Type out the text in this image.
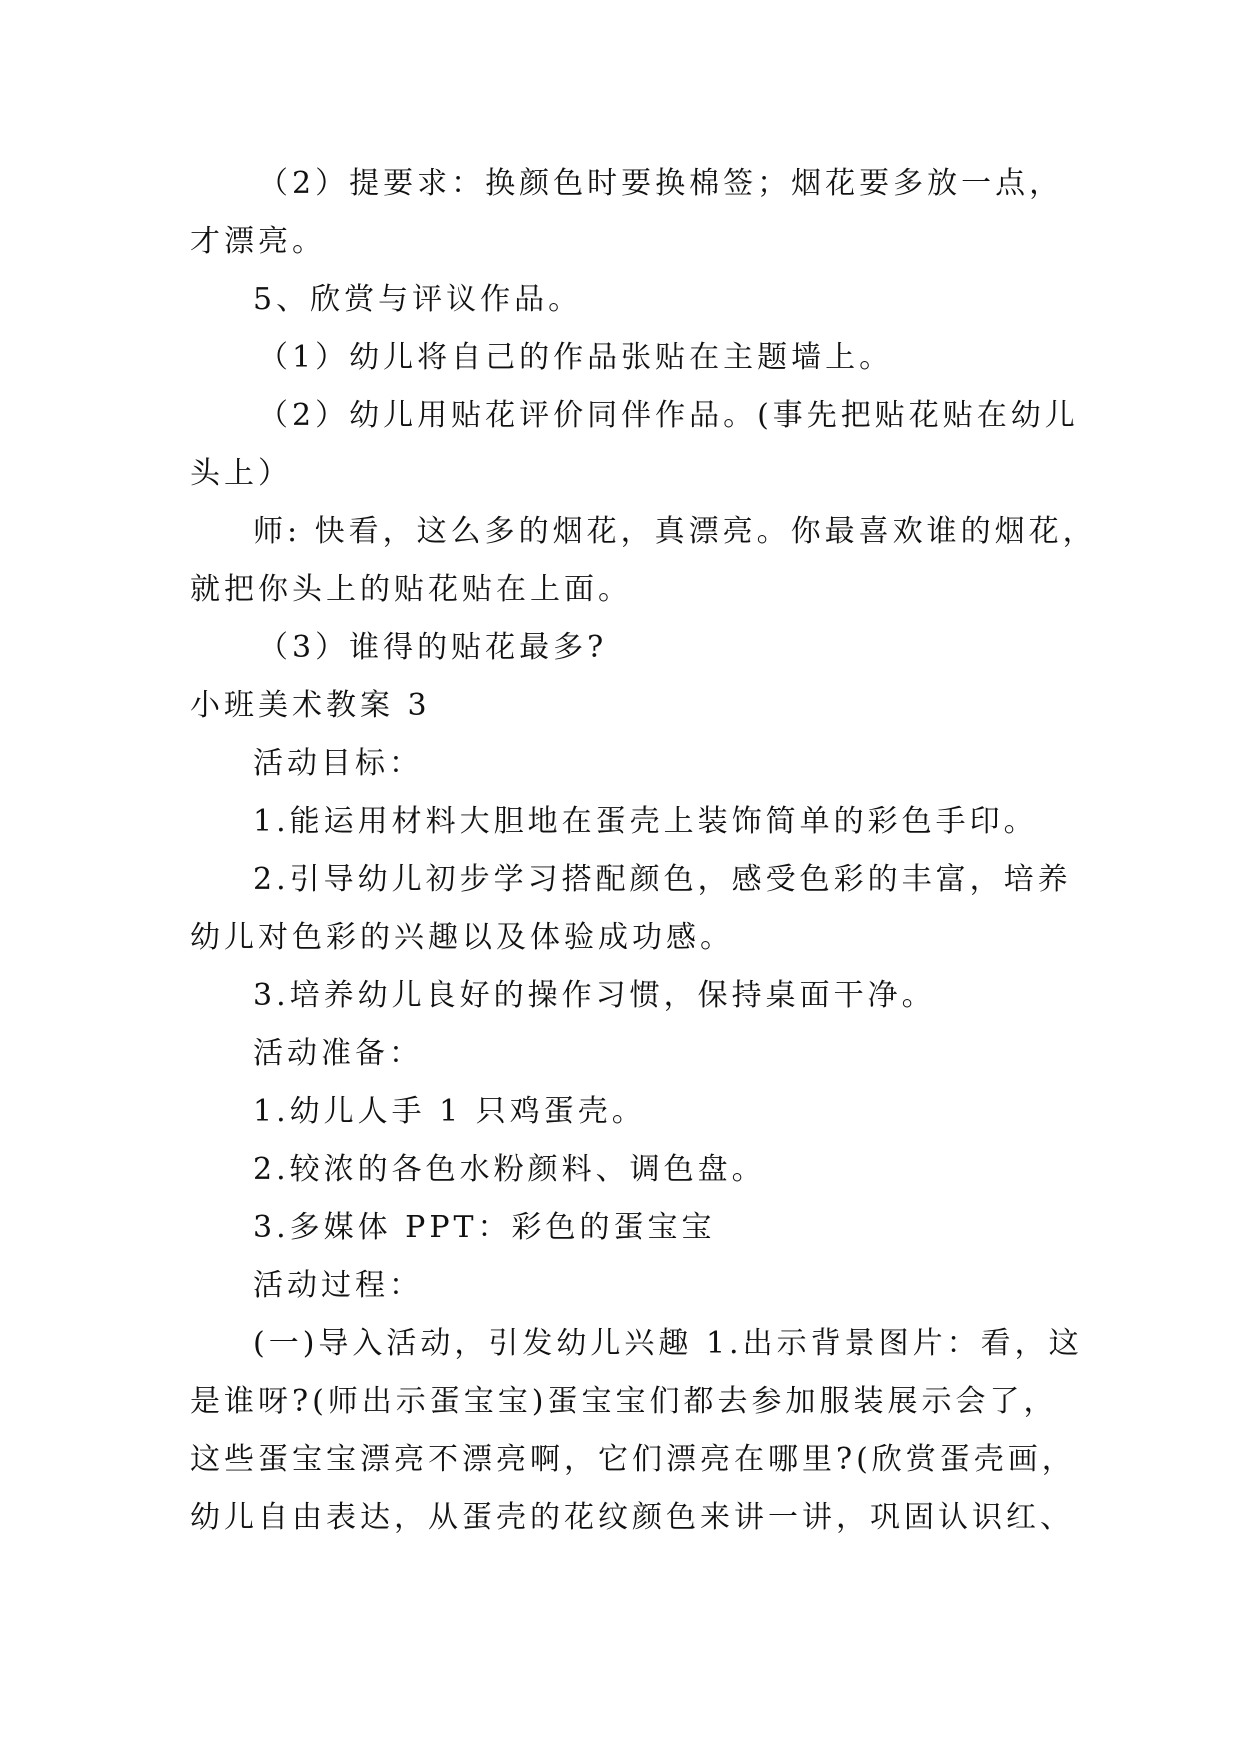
（2）提要求：换颜色时要换棉签；烟花要多放一点，
才漂亮。
5、欣赏与评议作品。
（1）幼儿将自己的作品张贴在主题墙上。
（2）幼儿用贴花评价同伴作品。(事先把贴花贴在幼儿
头上）
师: 快看，这么多的烟花，真漂亮。你最喜欢谁的烟花，
就把你头上的贴花贴在上面。
（3）谁得的贴花最多?
小班美术教案 3
活动目标：
1.能运用材料大胆地在蛋壳上装饰简单的彩色手印。
2.引导幼儿初步学习搭配颜色，感受色彩的丰富，培养
幼儿对色彩的兴趣以及体验成功感。
3.培养幼儿良好的操作习惯，保持桌面干净。
活动准备：
1.幼儿人手 1 只鸡蛋壳。
2.较浓的各色水粉颜料、调色盘。
3.多媒体 PPT：彩色的蛋宝宝
活动过程：
(一)导入活动，引发幼儿兴趣 1.出示背景图片：看，这
是谁呀?(师出示蛋宝宝)蛋宝宝们都去参加服装展示会了，
这些蛋宝宝漂亮不漂亮啊，它们漂亮在哪里?(欣赏蛋壳画，
幼儿自由表达，从蛋壳的花纹颜色来讲一讲，巩固认识红、
